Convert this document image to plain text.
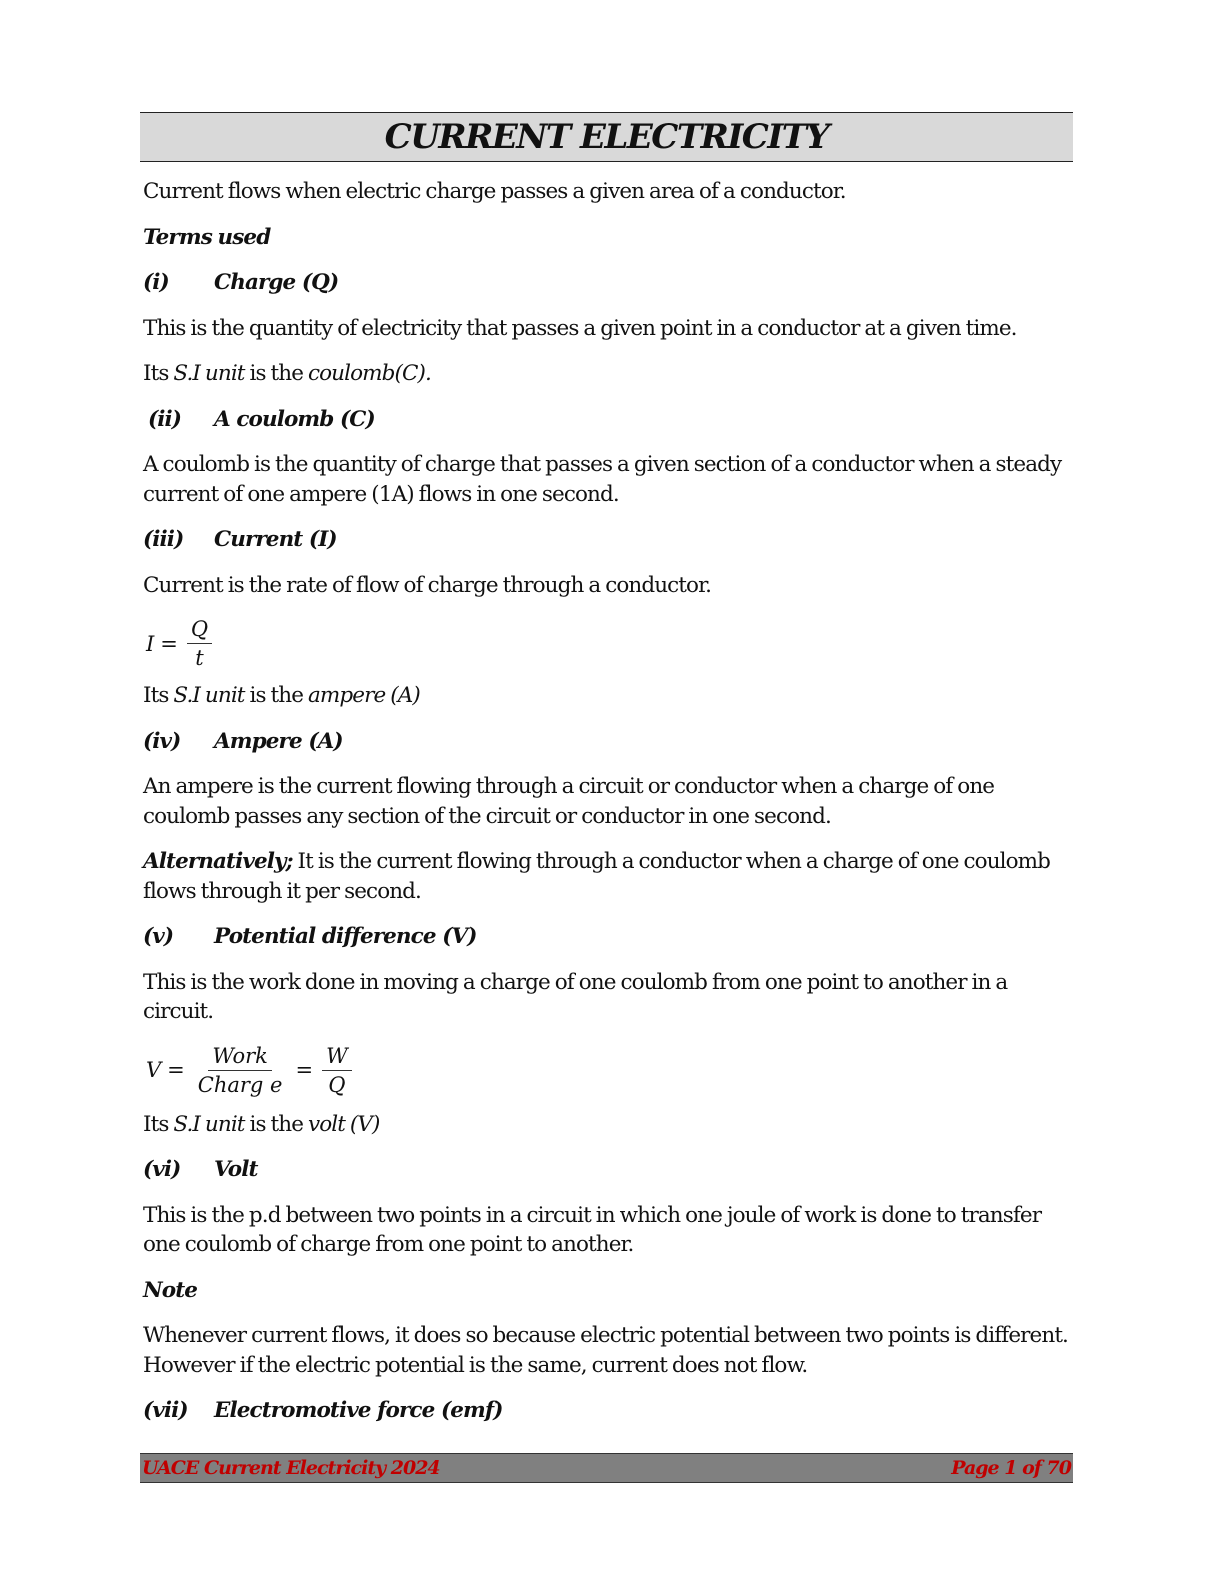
CURRENT ELECTRICITY

Current flows when electric charge passes a given area of a conductor.

Terms used

(i)	Charge (Q)

This is the quantity of electricity that passes a given point in a conductor at a given time.

Its S.I unit is the coulomb(C).

(ii)	A coulomb (C)

A coulomb is the quantity of charge that passes a given section of a conductor when a steady current of one ampere (1A) flows in one second.

(iii)	Current (I)

Current is the rate of flow of charge through a conductor.

$I = \frac{Q}{t}$

Its S.I unit is the ampere (A)

(iv)	Ampere (A)

An ampere is the current flowing through a circuit or conductor when a charge of one coulomb passes any section of the circuit or conductor in one second.

Alternatively; It is the current flowing through a conductor when a charge of one coulomb flows through it per second.

(v)	Potential difference (V)

This is the work done in moving a charge of one coulomb from one point to another in a circuit.

$V = \frac{\text{Work}}{\text{Charg e}} = \frac{W}{Q}$

Its S.I unit is the volt (V)

(vi)	Volt

This is the p.d between two points in a circuit in which one joule of work is done to transfer one coulomb of charge from one point to another.

Note

Whenever current flows, it does so because electric potential between two points is different. However if the electric potential is the same, current does not flow.

(vii)	Electromotive force (emf)
UACE Current Electricity 2024	Page 1 of 70
